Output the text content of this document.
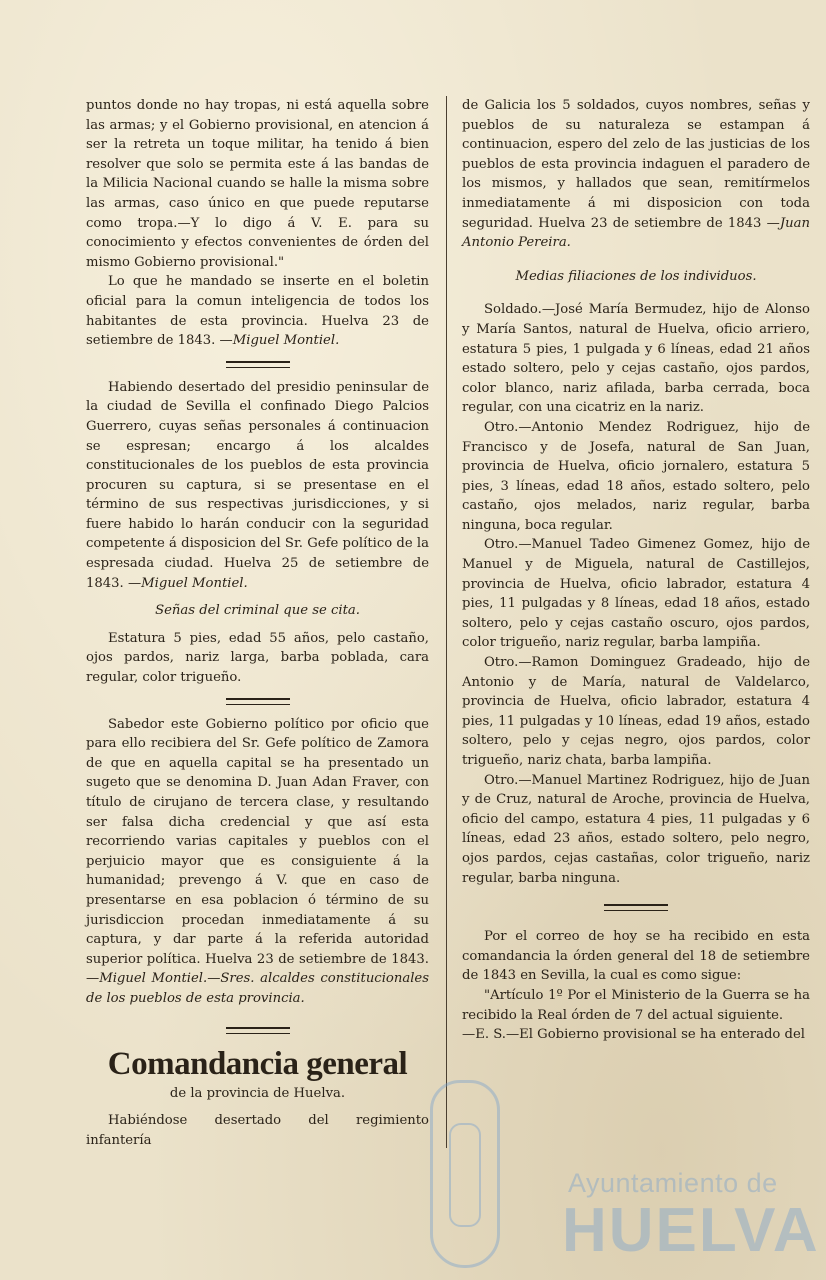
puntos donde no hay tropas, ni está aquella sobre las armas; y el Gobierno provisional, en atencion á ser la retreta un toque militar, ha tenido á bien resolver que solo se permita este á las bandas de la Milicia Nacional cuando se halle la misma sobre las armas, caso único en que puede reputarse como tropa.—Y lo digo á V. E. para su conocimiento y efectos convenientes de órden del mismo Gobierno provisional."

Lo que he mandado se inserte en el boletin oficial para la comun inteligencia de todos los habitantes de esta provincia. Huelva 23 de setiembre de 1843. —Miguel Montiel.

Habiendo desertado del presidio peninsular de la ciudad de Sevilla el confinado Diego Palcios Guerrero, cuyas señas personales á continuacion se espresan; encargo á los alcaldes constitucionales de los pueblos de esta provincia procuren su captura, si se presentase en el término de sus respectivas jurisdicciones, y si fuere habido lo harán conducir con la seguridad competente á disposicion del Sr. Gefe político de la espresada ciudad. Huelva 25 de setiembre de 1843. —Miguel Montiel.

Señas del criminal que se cita.

Estatura 5 pies, edad 55 años, pelo castaño, ojos pardos, nariz larga, barba poblada, cara regular, color trigueño.

Sabedor este Gobierno político por oficio que para ello recibiera del Sr. Gefe político de Zamora de que en aquella capital se ha presentado un sugeto que se denomina D. Juan Adan Fraver, con título de cirujano de tercera clase, y resultando ser falsa dicha credencial y que así esta recorriendo varias capitales y pueblos con el perjuicio mayor que es consiguiente á la humanidad; prevengo á V. que en caso de presentarse en esa poblacion ó término de su jurisdiccion procedan inmediatamente á su captura, y dar parte á la referida autoridad superior política. Huelva 23 de setiembre de 1843. —Miguel Montiel.—Sres. alcaldes constitucionales de los pueblos de esta provincia.

Comandancia general
de la provincia de Huelva.

Habiéndose desertado del regimiento infantería

de Galicia los 5 soldados, cuyos nombres, señas y pueblos de su naturaleza se estampan á continuacion, espero del zelo de las justicias de los pueblos de esta provincia indaguen el paradero de los mismos, y hallados que sean, remitírmelos inmediatamente á mi disposicion con toda seguridad. Huelva 23 de setiembre de 1843 —Juan Antonio Pereira.

Medias filiaciones de los individuos.

Soldado.—José María Bermudez, hijo de Alonso y María Santos, natural de Huelva, oficio arriero, estatura 5 pies, 1 pulgada y 6 líneas, edad 21 años estado soltero, pelo y cejas castaño, ojos pardos, color blanco, nariz afilada, barba cerrada, boca regular, con una cicatriz en la nariz.

Otro.—Antonio Mendez Rodriguez, hijo de Francisco y de Josefa, natural de San Juan, provincia de Huelva, oficio jornalero, estatura 5 pies, 3 líneas, edad 18 años, estado soltero, pelo castaño, ojos melados, nariz regular, barba ninguna, boca regular.

Otro.—Manuel Tadeo Gimenez Gomez, hijo de Manuel y de Miguela, natural de Castillejos, provincia de Huelva, oficio labrador, estatura 4 pies, 11 pulgadas y 8 líneas, edad 18 años, estado soltero, pelo y cejas castaño oscuro, ojos pardos, color trigueño, nariz regular, barba lampiña.

Otro.—Ramon Dominguez Gradeado, hijo de Antonio y de María, natural de Valdelarco, provincia de Huelva, oficio labrador, estatura 4 pies, 11 pulgadas y 10 líneas, edad 19 años, estado soltero, pelo y cejas negro, ojos pardos, color trigueño, nariz chata, barba lampiña.

Otro.—Manuel Martinez Rodriguez, hijo de Juan y de Cruz, natural de Aroche, provincia de Huelva, oficio del campo, estatura 4 pies, 11 pulgadas y 6 líneas, edad 23 años, estado soltero, pelo negro, ojos pardos, cejas castañas, color trigueño, nariz regular, barba ninguna.

Por el correo de hoy se ha recibido en esta comandancia la órden general del 18 de setiembre de 1843 en Sevilla, la cual es como sigue:

"Artículo 1º Por el Ministerio de la Guerra se ha recibido la Real órden de 7 del actual siguiente.

—E. S.—El Gobierno provisional se ha enterado del

Ayuntamiento de
HUELVA
